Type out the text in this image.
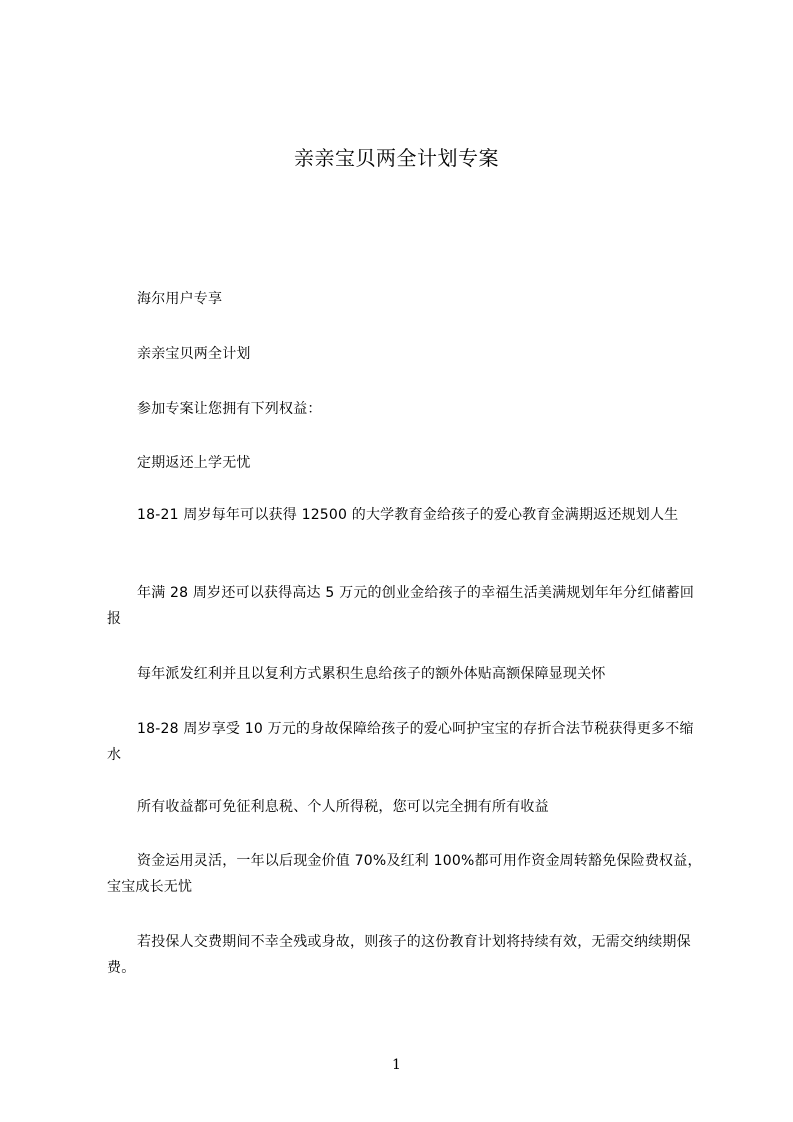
亲亲宝贝两全计划专案
海尔用户专享
亲亲宝贝两全计划
参加专案让您拥有下列权益：
定期返还上学无忧
18-21 周岁每年可以获得 12500 的大学教育金给孩子的爱心教育金满期返还规划人生
年满 28 周岁还可以获得高达 5 万元的创业金给孩子的幸福生活美满规划年年分红储蓄回报
每年派发红利并且以复利方式累积生息给孩子的额外体贴高额保障显现关怀
18-28 周岁享受 10 万元的身故保障给孩子的爱心呵护宝宝的存折合法节税获得更多不缩水
所有收益都可免征利息税、个人所得税，您可以完全拥有所有收益
资金运用灵活，一年以后现金价值 70%及红利 100%都可用作资金周转豁免保险费权益，宝宝成长无忧
若投保人交费期间不幸全残或身故，则孩子的这份教育计划将持续有效，无需交纳续期保费。
1
